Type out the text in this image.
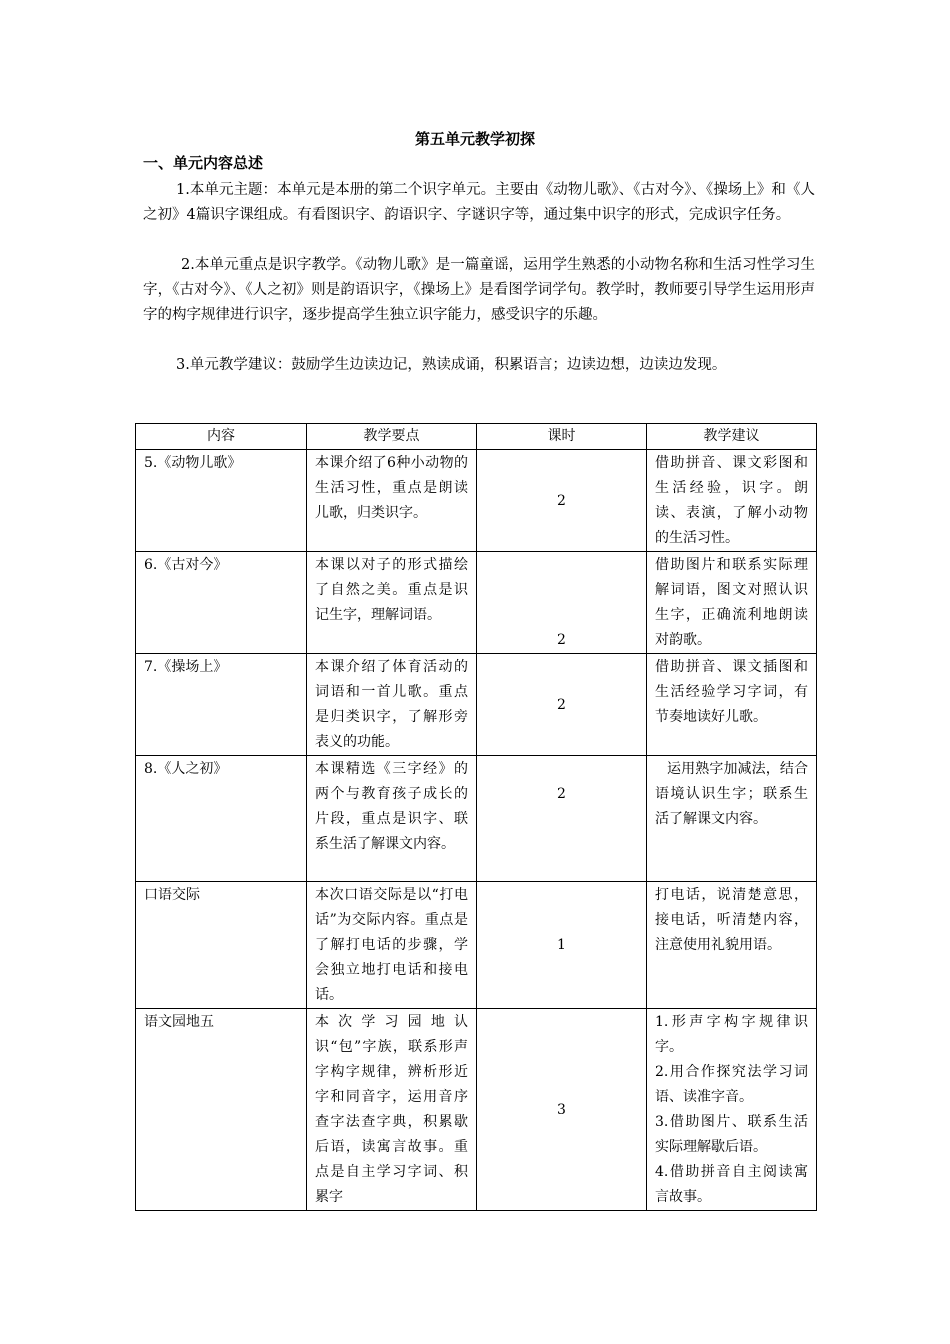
第五单元教学初探
一、单元内容总述

1.本单元主题：本单元是本册的第二个识字单元。主要由《动物儿歌》、《古对今》、《操场上》和《人之初》4篇识字课组成。有看图识字、韵语识字、字谜识字等，通过集中识字的形式，完成识字任务。

2.本单元重点是识字教学。《动物儿歌》是一篇童谣，运用学生熟悉的小动物名称和生活习性学习生字，《古对今》、《人之初》则是韵语识字，《操场上》是看图学词学句。教学时，教师要引导学生运用形声字的构字规律进行识字，逐步提高学生独立识字能力，感受识字的乐趣。

3.单元教学建议：鼓励学生边读边记，熟读成诵，积累语言；边读边想，边读边发现。

内容	教学要点	课时	教学建议
5.《动物儿歌》	本课介绍了6种小动物的生活习性，重点是朗读儿歌，归类识字。	2	借助拼音、课文彩图和生活经验，识字。朗读、表演，了解小动物的生活习性。
6.《古对今》	本课以对子的形式描绘了自然之美。重点是识记生字，理解词语。	2	借助图片和联系实际理解词语，图文对照认识生字，正确流利地朗读对韵歌。
7.《操场上》	本课介绍了体育活动的词语和一首儿歌。重点是归类识字，了解形旁表义的功能。	2	借助拼音、课文插图和生活经验学习字词，有节奏地读好儿歌。
8.《人之初》	本课精选《三字经》的两个与教育孩子成长的片段，重点是识字、联系生活了解课文内容。	2	运用熟字加减法，结合语境认识生字；联系生活了解课文内容。
口语交际	本次口语交际是以“打电话”为交际内容。重点是了解打电话的步骤，学会独立地打电话和接电话。	1	打电话，说清楚意思，接电话，听清楚内容，注意使用礼貌用语。
语文园地五	本次学习园地认识“包”字族，联系形声字构字规律，辨析形近字和同音字，运用音序查字法查字典，积累歇后语，读寓言故事。重点是自主学习字词、积累字	3	1.形声字构字规律识字。
2.用合作探究法学习词语、读准字音。
3.借助图片、联系生活实际理解歇后语。
4.借助拼音自主阅读寓言故事。
